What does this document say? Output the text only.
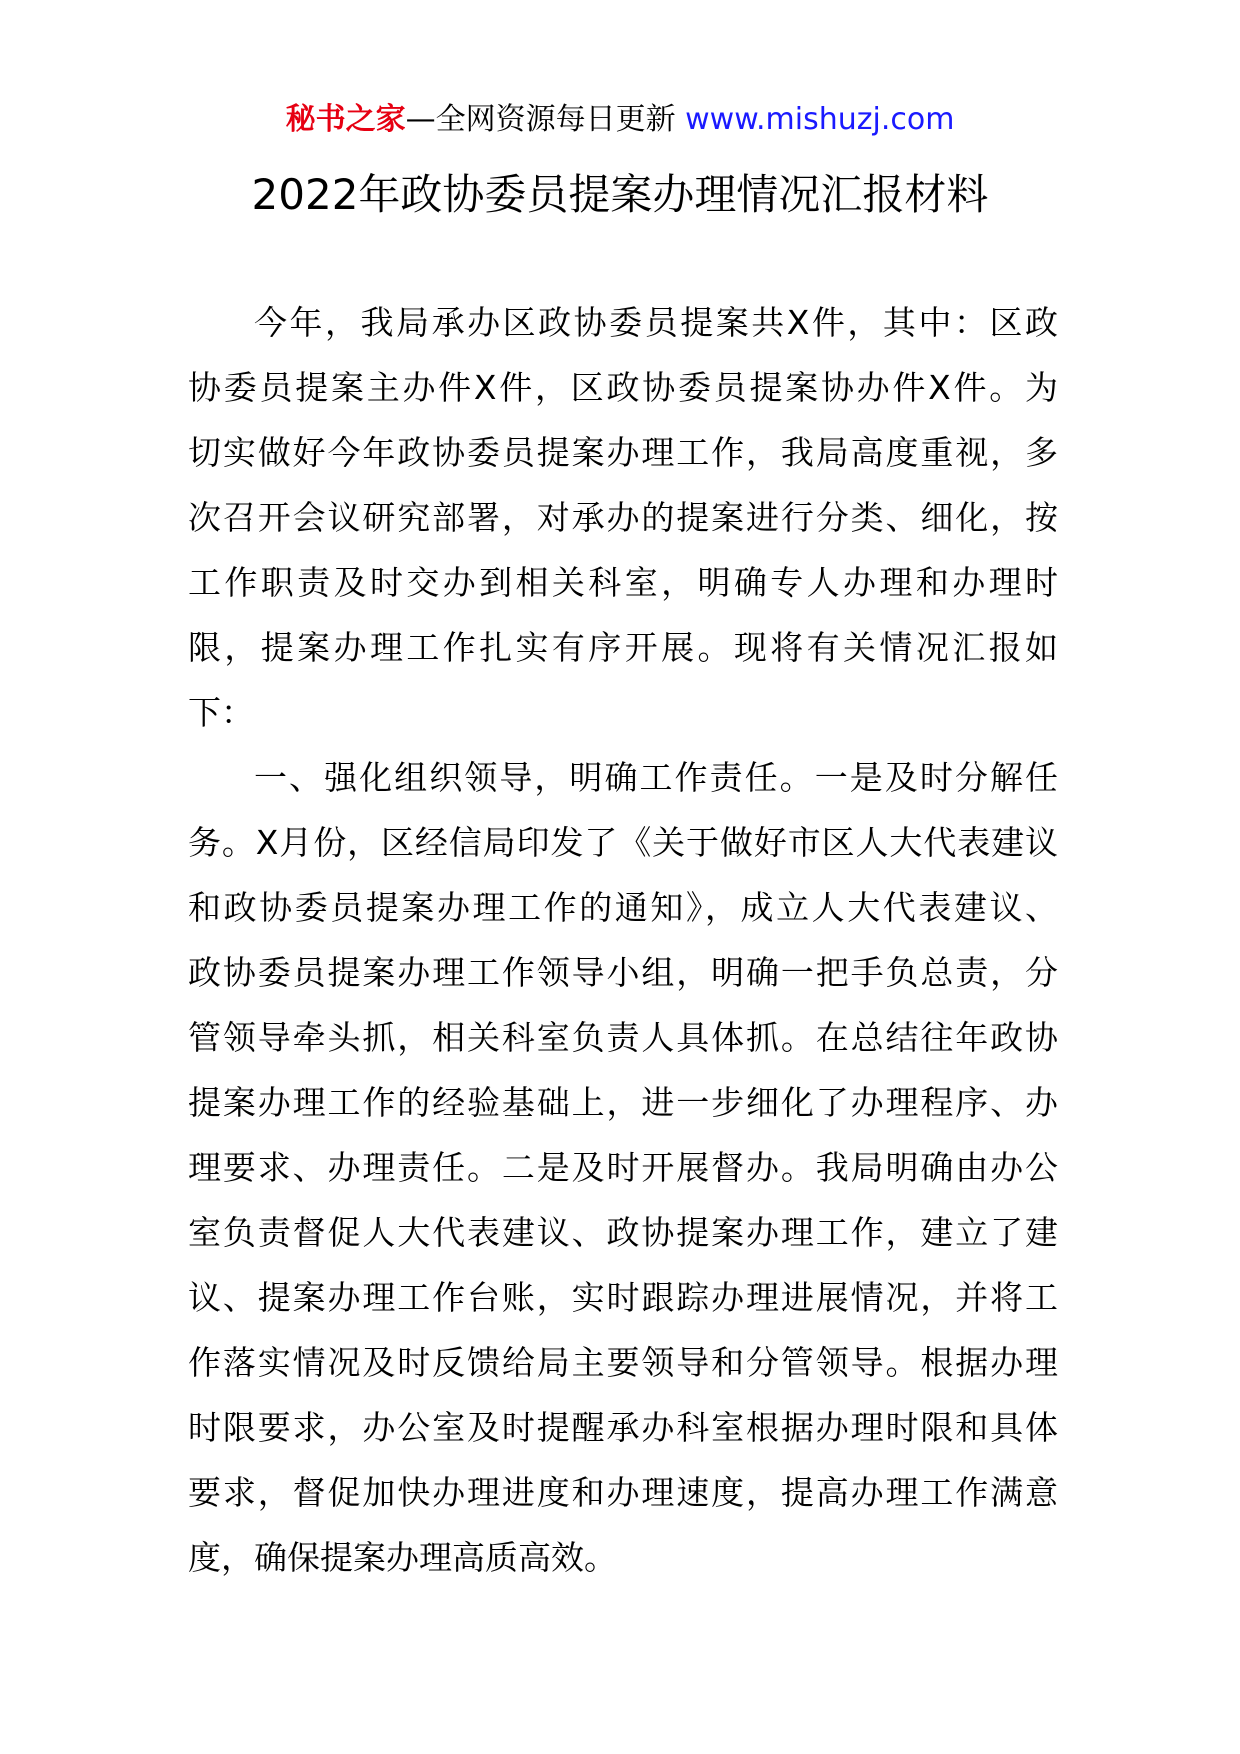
秘书之家—全网资源每日更新 www.mishuzj.com
2022年政协委员提案办理情况汇报材料

今年，我局承办区政协委员提案共X件，其中：区政
协委员提案主办件X件，区政协委员提案协办件X件。为
切实做好今年政协委员提案办理工作，我局高度重视，多
次召开会议研究部署，对承办的提案进行分类、细化，按
工作职责及时交办到相关科室，明确专人办理和办理时
限，提案办理工作扎实有序开展。现将有关情况汇报如
下：

一、强化组织领导，明确工作责任。一是及时分解任
务。X月份，区经信局印发了《关于做好市区人大代表建议
和政协委员提案办理工作的通知》，成立人大代表建议、
政协委员提案办理工作领导小组，明确一把手负总责，分
管领导牵头抓，相关科室负责人具体抓。在总结往年政协
提案办理工作的经验基础上，进一步细化了办理程序、办
理要求、办理责任。二是及时开展督办。我局明确由办公
室负责督促人大代表建议、政协提案办理工作，建立了建
议、提案办理工作台账，实时跟踪办理进展情况，并将工
作落实情况及时反馈给局主要领导和分管领导。根据办理
时限要求，办公室及时提醒承办科室根据办理时限和具体
要求，督促加快办理进度和办理速度，提高办理工作满意
度，确保提案办理高质高效。
